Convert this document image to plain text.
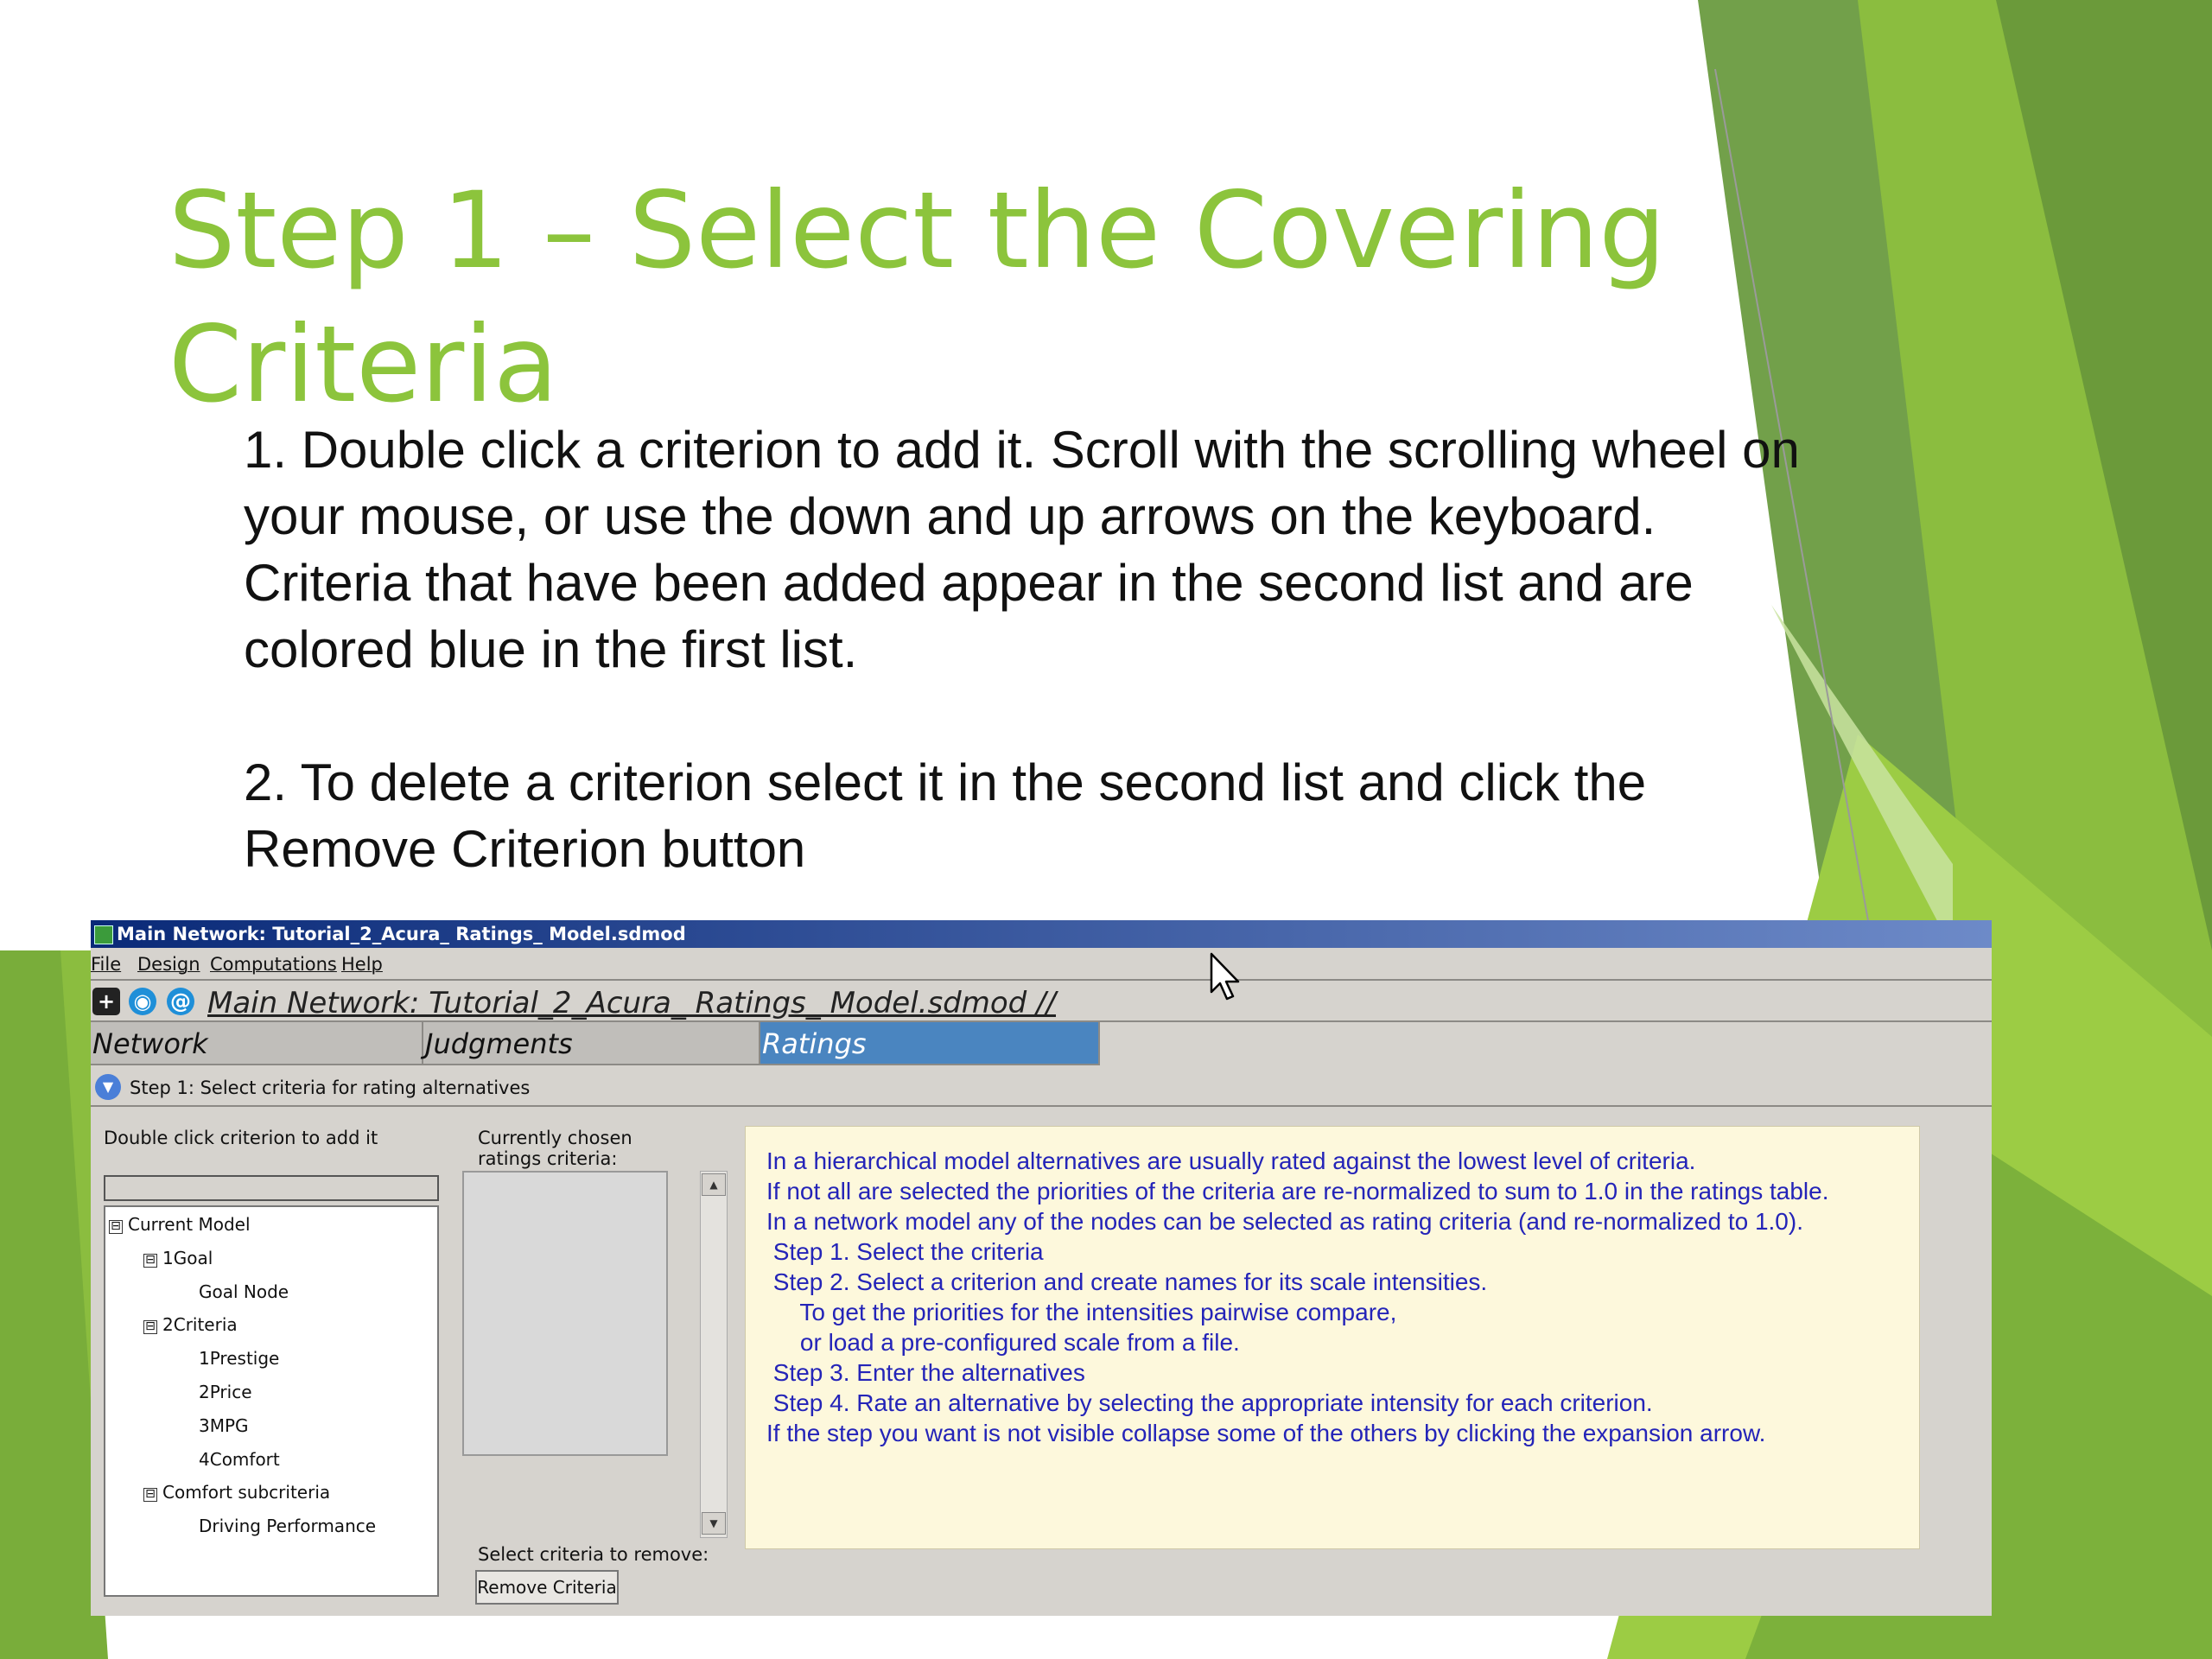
Step 1 – Select the Covering Criteria

1. Double click a criterion to add it. Scroll with the scrolling wheel on your mouse, or use the down and up arrows on the keyboard. Criteria that have been added appear in the second list and are colored blue in the first list.

2. To delete a criterion select it in the second list and click the Remove Criterion button

Main Network: Tutorial_2_Acura_ Ratings_ Model.sdmod
File Design Computations Help
+ ◉ @ Main Network: Tutorial_2_Acura_ Ratings_ Model.sdmod //
Network	Judgments	Ratings
▼ Step 1: Select criteria for rating alternatives
Double click criterion to add it
⊟ Current Model
⊟ 1Goal
Goal Node
⊟ 2Criteria
1Prestige
2Price
3MPG
4Comfort
⊟ Comfort subcriteria
Driving Performance
Currently chosen
ratings criteria:
▲
▼
Select criteria to remove:
Remove Criteria
In a hierarchical model alternatives are usually rated against the lowest level of criteria.
If not all are selected the priorities of the criteria are re-normalized to sum to 1.0 in the ratings table.
In a network model any of the nodes can be selected as rating criteria (and re-normalized to 1.0).
Step 1. Select the criteria
Step 2. Select a criterion and create names for its scale intensities.
To get the priorities for the intensities pairwise compare,
or load a pre-configured scale from a file.
Step 3. Enter the alternatives
Step 4. Rate an alternative by selecting the appropriate intensity for each criterion.
If the step you want is not visible collapse some of the others by clicking the expansion arrow.
